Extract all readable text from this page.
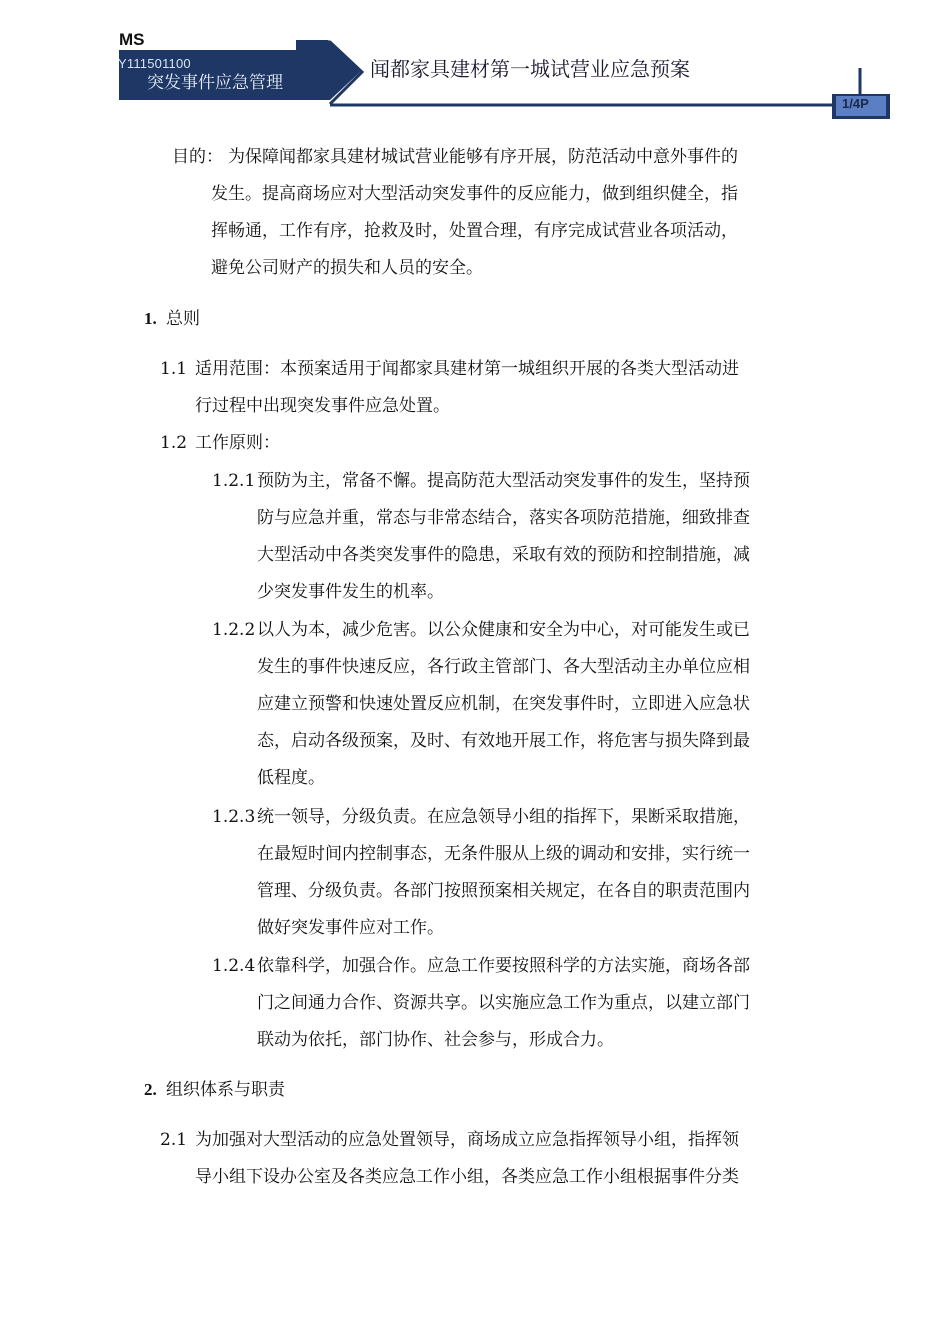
MS
Y111501100
突发事件应急管理
闻都家具建材第一城试营业应急预案
1/4P
目的： 为保障闻都家具建材城试营业能够有序开展，防范活动中意外事件的
发生。提高商场应对大型活动突发事件的反应能力，做到组织健全，指
挥畅通，工作有序，抢救及时，处置合理，有序完成试营业各项活动，
避免公司财产的损失和人员的安全。
1. 总则
1.1 适用范围：本预案适用于闻都家具建材第一城组织开展的各类大型活动进
行过程中出现突发事件应急处置。
1.2 工作原则：
1.2.1 预防为主，常备不懈。提高防范大型活动突发事件的发生，坚持预
防与应急并重，常态与非常态结合，落实各项防范措施，细致排查
大型活动中各类突发事件的隐患，采取有效的预防和控制措施，减
少突发事件发生的机率。
1.2.2 以人为本，减少危害。以公众健康和安全为中心，对可能发生或已
发生的事件快速反应，各行政主管部门、各大型活动主办单位应相
应建立预警和快速处置反应机制，在突发事件时，立即进入应急状
态，启动各级预案，及时、有效地开展工作，将危害与损失降到最
低程度。
1.2.3 统一领导，分级负责。在应急领导小组的指挥下，果断采取措施，
在最短时间内控制事态，无条件服从上级的调动和安排，实行统一
管理、分级负责。各部门按照预案相关规定，在各自的职责范围内
做好突发事件应对工作。
1.2.4 依靠科学，加强合作。应急工作要按照科学的方法实施，商场各部
门之间通力合作、资源共享。以实施应急工作为重点，以建立部门
联动为依托，部门协作、社会参与，形成合力。
2. 组织体系与职责
2.1 为加强对大型活动的应急处置领导，商场成立应急指挥领导小组，指挥领
导小组下设办公室及各类应急工作小组，各类应急工作小组根据事件分类
